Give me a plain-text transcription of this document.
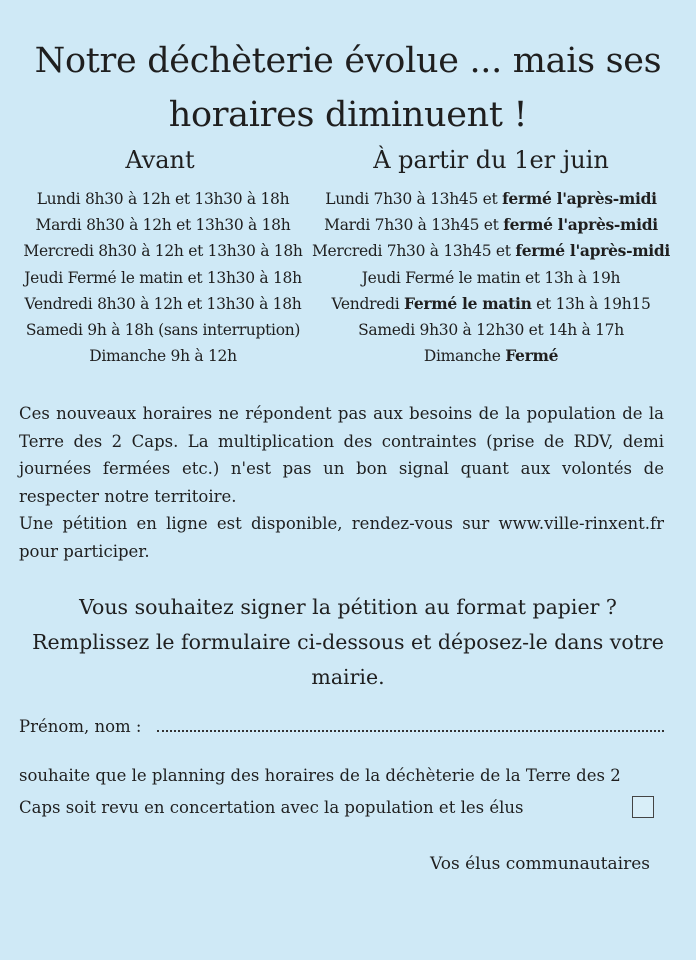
Notre déchèterie évolue ... mais ses
horaires diminuent !
Avant	À partir du 1er juin
Lundi 8h30 à 12h et 13h30 à 18h
Mardi 8h30 à 12h et 13h30 à 18h
Mercredi 8h30 à 12h et 13h30 à 18h
Jeudi Fermé le matin et 13h30 à 18h
Vendredi 8h30 à 12h et 13h30 à 18h
Samedi 9h à 18h (sans interruption)
Dimanche 9h à 12h
Lundi 7h30 à 13h45 et fermé l'après-midi
Mardi 7h30 à 13h45 et fermé l'après-midi
Mercredi 7h30 à 13h45 et fermé l'après-midi
Jeudi Fermé le matin et 13h à 19h
Vendredi Fermé le matin et 13h à 19h15
Samedi 9h30 à 12h30 et 14h à 17h
Dimanche Fermé

Ces nouveaux horaires ne répondent pas aux besoins de la population de la Terre des 2 Caps. La multiplication des contraintes (prise de RDV, demi journées fermées etc.) n'est pas un bon signal quant aux volontés de respecter notre territoire.

Une pétition en ligne est disponible, rendez-vous sur www.ville-rinxent.fr pour participer.

Vous souhaitez signer la pétition au format papier ?
Remplissez le formulaire ci-dessous et déposez-le dans votre
mairie.
Prénom, nom :
souhaite que le planning des horaires de la déchèterie de la Terre des 2 Caps soit revu en concertation avec la population et les élus
Vos élus communautaires
